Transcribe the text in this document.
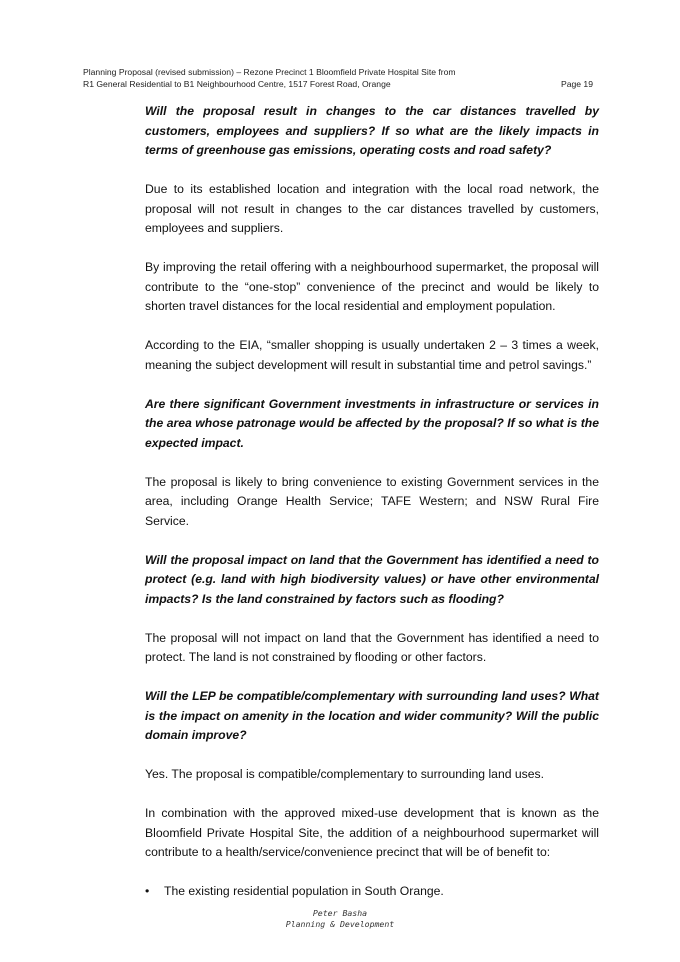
Planning Proposal (revised submission) – Rezone Precinct 1 Bloomfield Private Hospital Site from
R1 General Residential to B1 Neighbourhood Centre, 1517 Forest Road, Orange	Page 19

Will the proposal result in changes to the car distances travelled by customers, employees and suppliers? If so what are the likely impacts in terms of greenhouse gas emissions, operating costs and road safety?

Due to its established location and integration with the local road network, the proposal will not result in changes to the car distances travelled by customers, employees and suppliers.

By improving the retail offering with a neighbourhood supermarket, the proposal will contribute to the “one-stop” convenience of the precinct and would be likely to shorten travel distances for the local residential and employment population.

According to the EIA, “smaller shopping is usually undertaken 2 – 3 times a week, meaning the subject development will result in substantial time and petrol savings.”

Are there significant Government investments in infrastructure or services in the area whose patronage would be affected by the proposal? If so what is the expected impact.

The proposal is likely to bring convenience to existing Government services in the area, including Orange Health Service; TAFE Western; and NSW Rural Fire Service.

Will the proposal impact on land that the Government has identified a need to protect (e.g. land with high biodiversity values) or have other environmental impacts? Is the land constrained by factors such as flooding?

The proposal will not impact on land that the Government has identified a need to protect. The land is not constrained by flooding or other factors.

Will the LEP be compatible/complementary with surrounding land uses? What is the impact on amenity in the location and wider community? Will the public domain improve?

Yes. The proposal is compatible/complementary to surrounding land uses.

In combination with the approved mixed-use development that is known as the Bloomfield Private Hospital Site, the addition of a neighbourhood supermarket will contribute to a health/service/convenience precinct that will be of benefit to:

• The existing residential population in South Orange.
Peter Basha
Planning & Development
